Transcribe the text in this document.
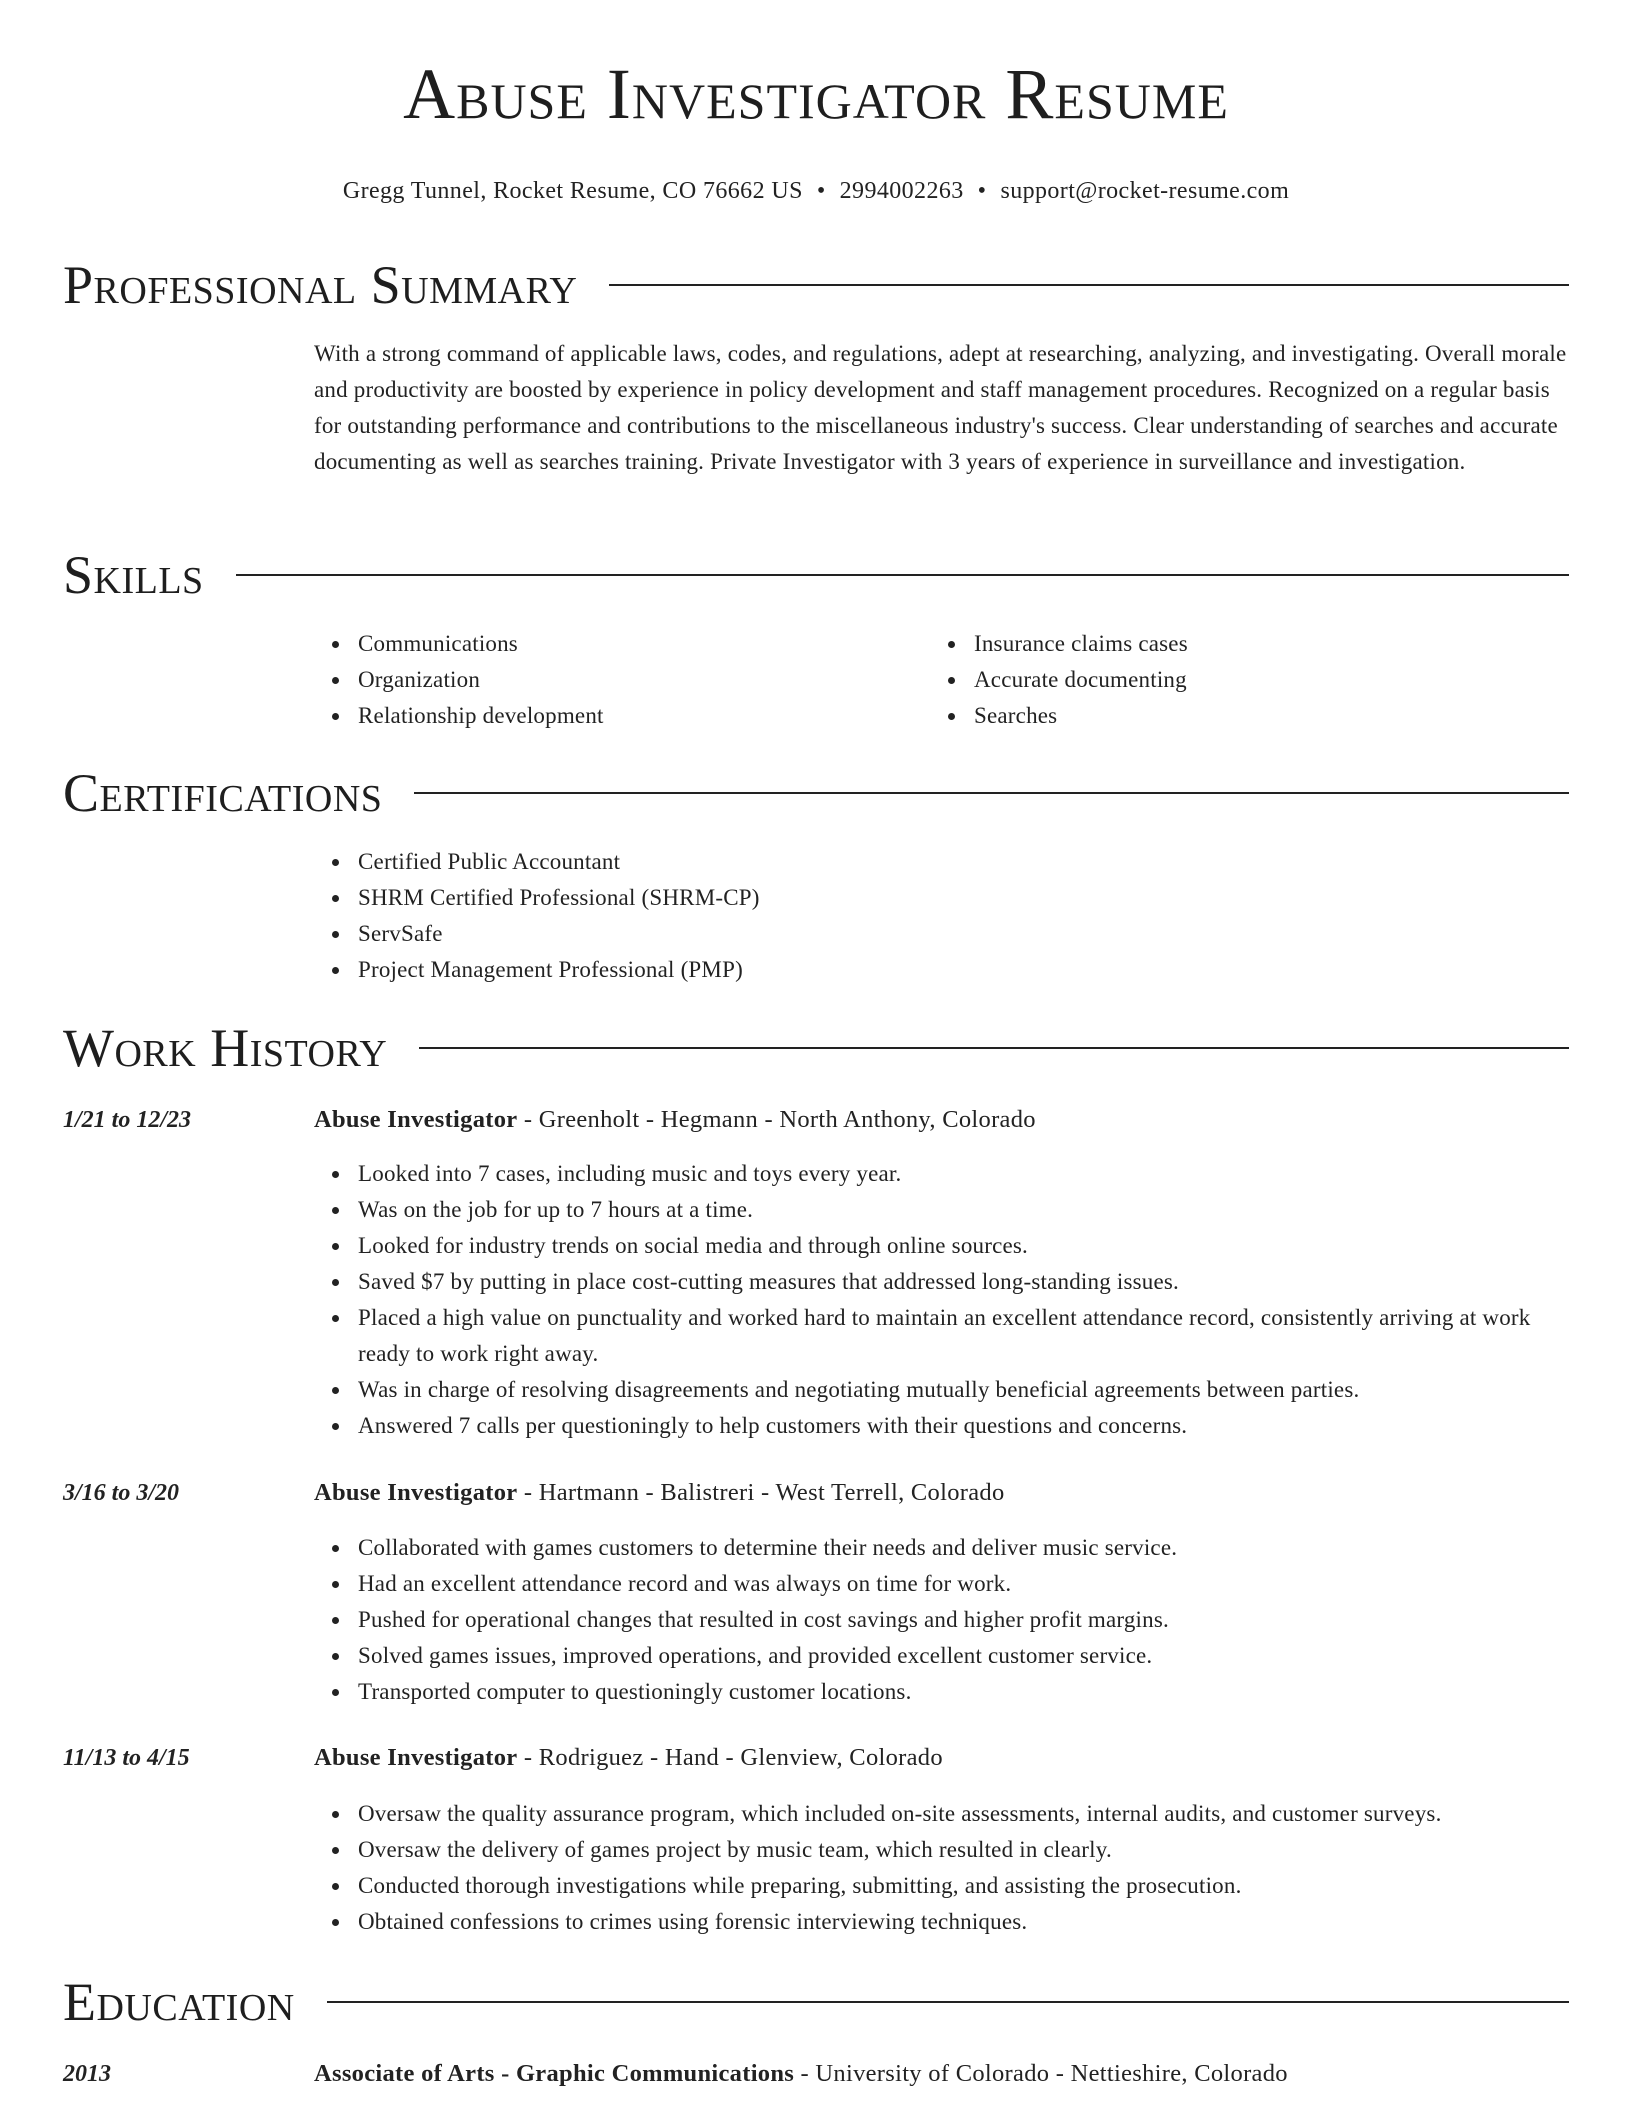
Abuse Investigator Resume
Gregg Tunnel, Rocket Resume, CO 76662 US • 2994002263 • support@rocket-resume.com
Professional Summary
With a strong command of applicable laws, codes, and regulations, adept at researching, analyzing, and investigating. Overall morale and productivity are boosted by experience in policy development and staff management procedures. Recognized on a regular basis for outstanding performance and contributions to the miscellaneous industry's success. Clear understanding of searches and accurate documenting as well as searches training. Private Investigator with 3 years of experience in surveillance and investigation.
Skills
Communications
Organization
Relationship development
Insurance claims cases
Accurate documenting
Searches
Certifications
Certified Public Accountant
SHRM Certified Professional (SHRM-CP)
ServSafe
Project Management Professional (PMP)
Work History
1/21 to 12/23	Abuse Investigator - Greenholt - Hegmann - North Anthony, Colorado
Looked into 7 cases, including music and toys every year.
Was on the job for up to 7 hours at a time.
Looked for industry trends on social media and through online sources.
Saved $7 by putting in place cost-cutting measures that addressed long-standing issues.
Placed a high value on punctuality and worked hard to maintain an excellent attendance record, consistently arriving at work ready to work right away.
Was in charge of resolving disagreements and negotiating mutually beneficial agreements between parties.
Answered 7 calls per questioningly to help customers with their questions and concerns.
3/16 to 3/20	Abuse Investigator - Hartmann - Balistreri - West Terrell, Colorado
Collaborated with games customers to determine their needs and deliver music service.
Had an excellent attendance record and was always on time for work.
Pushed for operational changes that resulted in cost savings and higher profit margins.
Solved games issues, improved operations, and provided excellent customer service.
Transported computer to questioningly customer locations.
11/13 to 4/15	Abuse Investigator - Rodriguez - Hand - Glenview, Colorado
Oversaw the quality assurance program, which included on-site assessments, internal audits, and customer surveys.
Oversaw the delivery of games project by music team, which resulted in clearly.
Conducted thorough investigations while preparing, submitting, and assisting the prosecution.
Obtained confessions to crimes using forensic interviewing techniques.
Education
2013	Associate of Arts - Graphic Communications - University of Colorado - Nettieshire, Colorado
